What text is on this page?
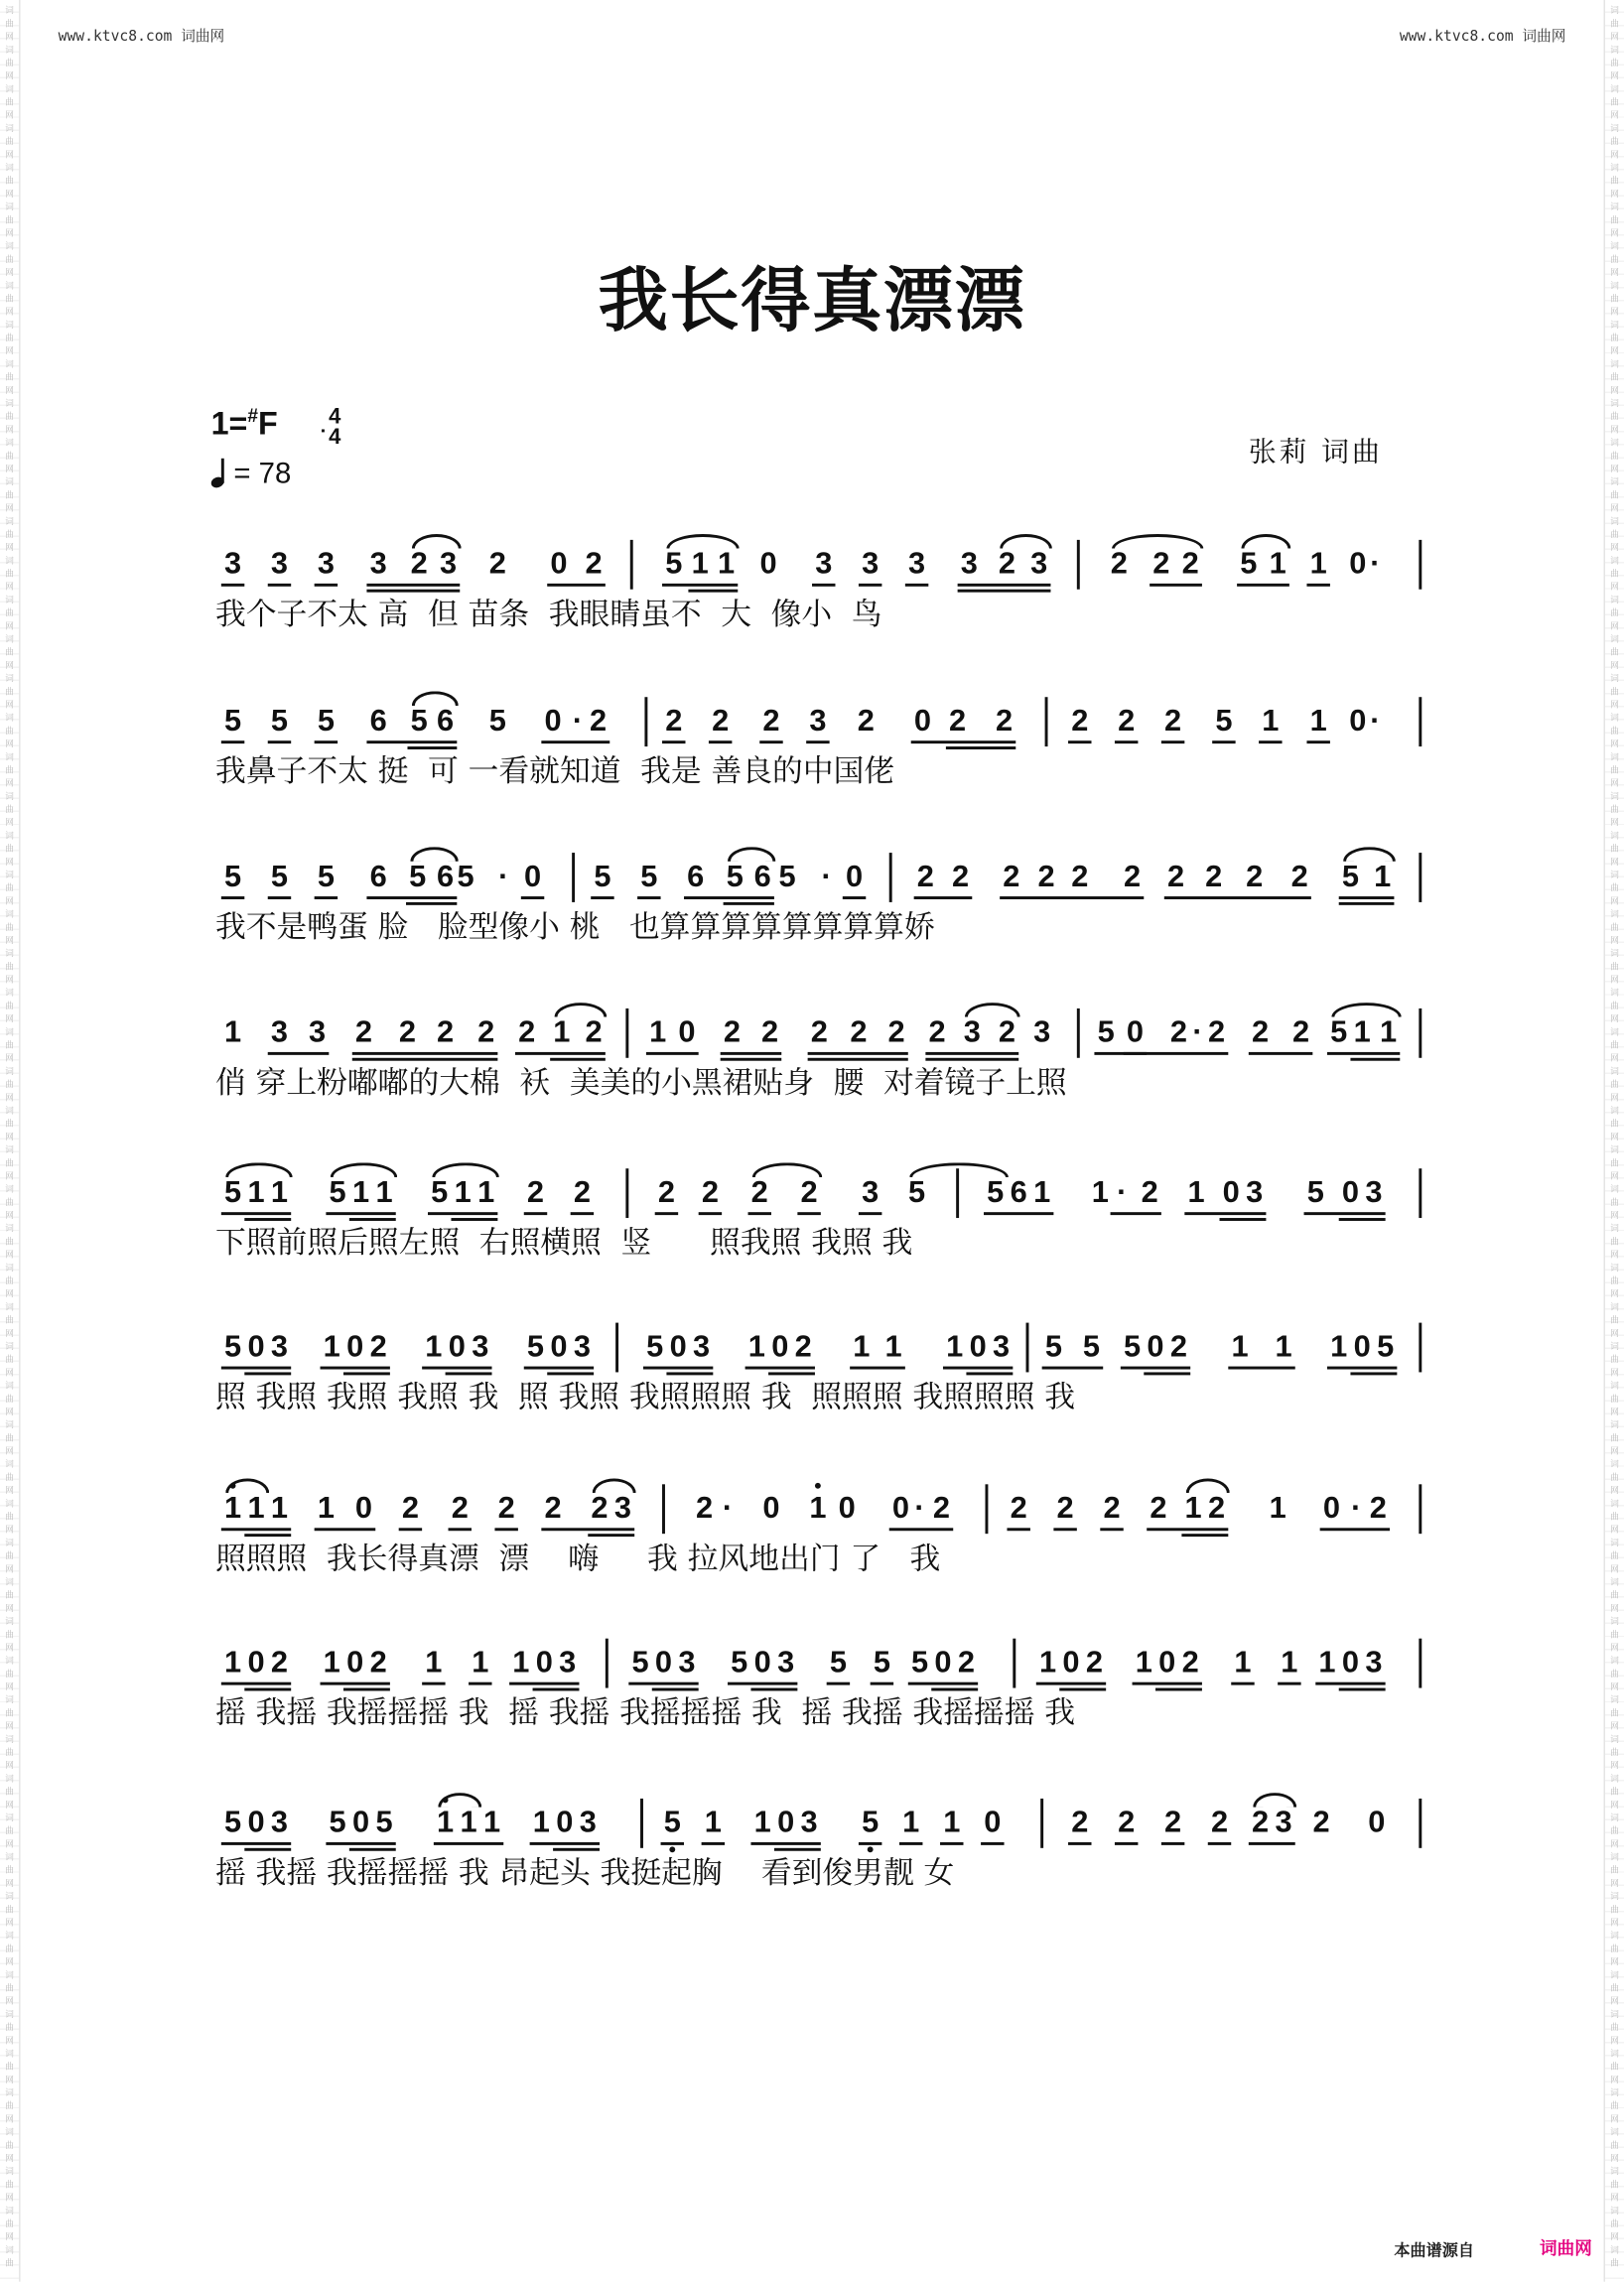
词
曲
网
词
曲
网
词
曲
网
词
曲
网
词
曲
网
词
曲
网
词
曲
网
词
曲
网
词
曲
网
词
曲
网
词
曲
网
词
曲
网
词
曲
网
词
曲
网
词
曲
网
词
曲
网
词
曲
网
词
曲
网
词
曲
网
词
曲
网
词
曲
网
词
曲
网
词
曲
网
词
曲
网
词
曲
网
词
曲
网
词
曲
网
词
曲
网
词
曲
网
词
曲
网
词
曲
网
词
曲
网
词
曲
网
词
曲
网
词
曲
网
词
曲
网
词
曲
网
词
曲
网
词
曲
网
词
曲
网
词
曲
网
词
曲
网
词
曲
网
词
曲
网
词
曲
网
词
曲
网
词
曲
网
词
曲
网
词
曲
网
词
曲
网
词
曲
网
词
曲
网
词
曲
网
词
曲
网
词
曲
网
词
曲
网
词
曲
网
词
曲
词
曲
网
词
曲
网
词
曲
网
词
曲
网
词
曲
网
词
曲
网
词
曲
网
词
曲
网
词
曲
网
词
曲
网
词
曲
网
词
曲
网
词
曲
网
词
曲
网
词
曲
网
词
曲
网
词
曲
网
词
曲
网
词
曲
网
词
曲
网
词
曲
网
词
曲
网
词
曲
网
词
曲
网
词
曲
网
词
曲
网
词
曲
网
词
曲
网
词
曲
网
词
曲
网
词
曲
网
词
曲
网
词
曲
网
词
曲
网
词
曲
网
词
曲
网
词
曲
网
词
曲
网
词
曲
网
词
曲
网
词
曲
网
词
曲
网
词
曲
网
词
曲
网
词
曲
网
词
曲
网
词
曲
网
词
曲
网
词
曲
网
词
曲
网
词
曲
网
词
曲
网
词
曲
网
词
曲
网
词
曲
网
词
曲
网
词
曲
网
词
曲
www.ktvc8.com 词曲网	www.ktvc8.com 词曲网
我长得真漂漂
1=#F	4
4
= 78
张莉 词曲
3 3 3 3 2 3 2 0 2	5 1 1 0 3 3 3 3 2 3	2 2 2 5 1 1 0 ·
我个子不太 高  但 苗条  我眼睛虽不  大  像小  鸟
5 5 5 6 5 6 5 0 · 2	2 2 2 3 2 0 2 2	2 2 2 5 1 1 0 ·
我鼻子不太 挺  可 一看就知道  我是 善良的中国佬
5 5 5 6 5 6 5	· 0	5 5 6 5 6 5	· 0	2 2 2 2 2 2 2 2 2 2 5 1
我不是鸭蛋 脸   脸型像小 桃   也算算算算算算算算娇
1 3 3 2 2 2 2 2 1 2 1 0 2 2 2 2 2 2 3 2 3 5 0 2 · 2 2 2 5 1 1
俏 穿上粉嘟嘟的大棉  袄  美美的小黑裙贴身  腰  对着镜子上照
5 1 1 5 1 1 5 1 1 2 2	2 2 2 2 3 5	5 6 1 1 · 2 1 0 3 5 0 3
下照前照后照左照  右照横照  竖      照我照 我照 我
5 0 3 1 0 2 1 0 3 5 0 3	5 0 3 1 0 2 1 1 1 0 3 5 5 5 0 2 1 1 1 0 5
照 我照 我照 我照 我  照 我照 我照照照 我  照照照 我照照照 我
1 1 1 1 0 2 2 2 2 2 3	2 ·	0 1 0 0 · 2	2 2 2 2 1 2 1 0 · 2
照照照  我长得真漂  漂    嗨     我 拉风地出门 了   我
1 0 2 1 0 2 1 1 1 0 3	5 0 3 5 0 3 5 5 5 0 2	1 0 2 1 0 2 1 1 1 0 3
摇 我摇 我摇摇摇 我  摇 我摇 我摇摇摇 我  摇 我摇 我摇摇摇 我
5 0 3 5 0 5 1 1 1 1 0 3	5 1 1 0 3 5 1 1 0	2 2 2 2 2 3 2 0
摇 我摇 我摇摇摇 我 昂起头 我挺起胸    看到俊男靓 女
本曲谱源自	词曲网
